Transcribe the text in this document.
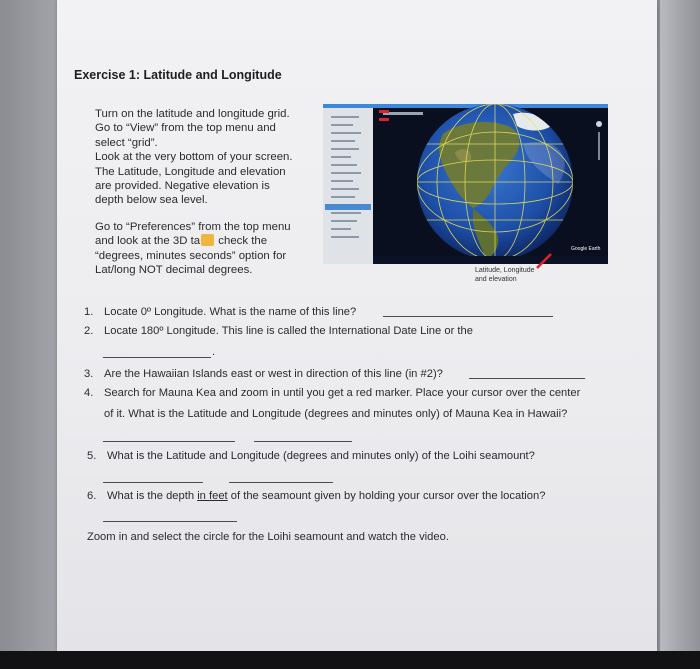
Exercise 1: Latitude and Longitude

Turn on the latitude and longitude grid.

Go to “View” from the top menu and

select “grid”.

Look at the very bottom of your screen.

The Latitude, Longitude and elevation

are provided. Negative elevation is

depth below sea level.

Go to “Preferences” from the top menu

and look at the 3D ta check the

“degrees, minutes seconds” option for

Lat/long NOT decimal degrees.

Google Earth
Latitude, Longitude
and elevation
1. Locate 0º Longitude. What is the name of this line?
2. Locate 180º Longitude. This line is called the International Date Line or the
.
3. Are the Hawaiian Islands east or west in direction of this line (in #2)?
4. Search for Mauna Kea and zoom in until you get a red marker. Place your cursor over the center
of it. What is the Latitude and Longitude (degrees and minutes only) of Mauna Kea in Hawaii?
5. What is the Latitude and Longitude (degrees and minutes only) of the Loihi seamount?
6. What is the depth in feet of the seamount given by holding your cursor over the location?
Zoom in and select the circle for the Loihi seamount and watch the video.
